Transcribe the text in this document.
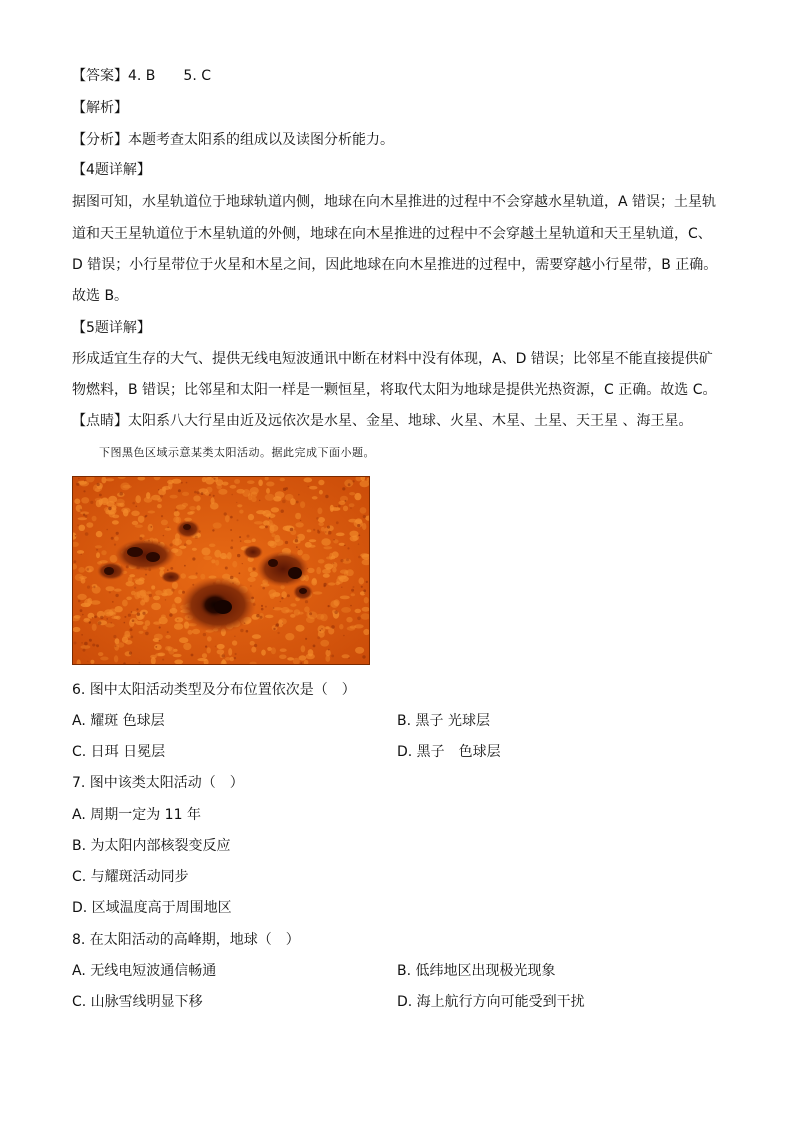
【答案】4. B　　5. C
【解析】
【分析】本题考查太阳系的组成以及读图分析能力。
【4题详解】
据图可知，水星轨道位于地球轨道内侧，地球在向木星推进的过程中不会穿越水星轨道，A 错误；土星轨
道和天王星轨道位于木星轨道的外侧，地球在向木星推进的过程中不会穿越土星轨道和天王星轨道，C、
D 错误；小行星带位于火星和木星之间，因此地球在向木星推进的过程中，需要穿越小行星带，B 正确。
故选 B。
【5题详解】
形成适宜生存的大气、提供无线电短波通讯中断在材料中没有体现，A、D 错误；比邻星不能直接提供矿
物燃料，B 错误；比邻星和太阳一样是一颗恒星，将取代太阳为地球是提供光热资源，C 正确。故选 C。
【点睛】太阳系八大行星由近及远依次是水星、金星、地球、火星、木星、土星、天王星 、海王星。
下图黑色区域示意某类太阳活动。据此完成下面小题。
6. 图中太阳活动类型及分布位置依次是（　）
A. 耀斑 色球层	B. 黑子 光球层
C. 日珥 日冕层	D. 黑子　色球层
7. 图中该类太阳活动（　）
A. 周期一定为 11 年
B. 为太阳内部核裂变反应
C. 与耀斑活动同步
D. 区域温度高于周围地区
8. 在太阳活动的高峰期，地球（　）
A. 无线电短波通信畅通	B. 低纬地区出现极光现象
C. 山脉雪线明显下移	D. 海上航行方向可能受到干扰
